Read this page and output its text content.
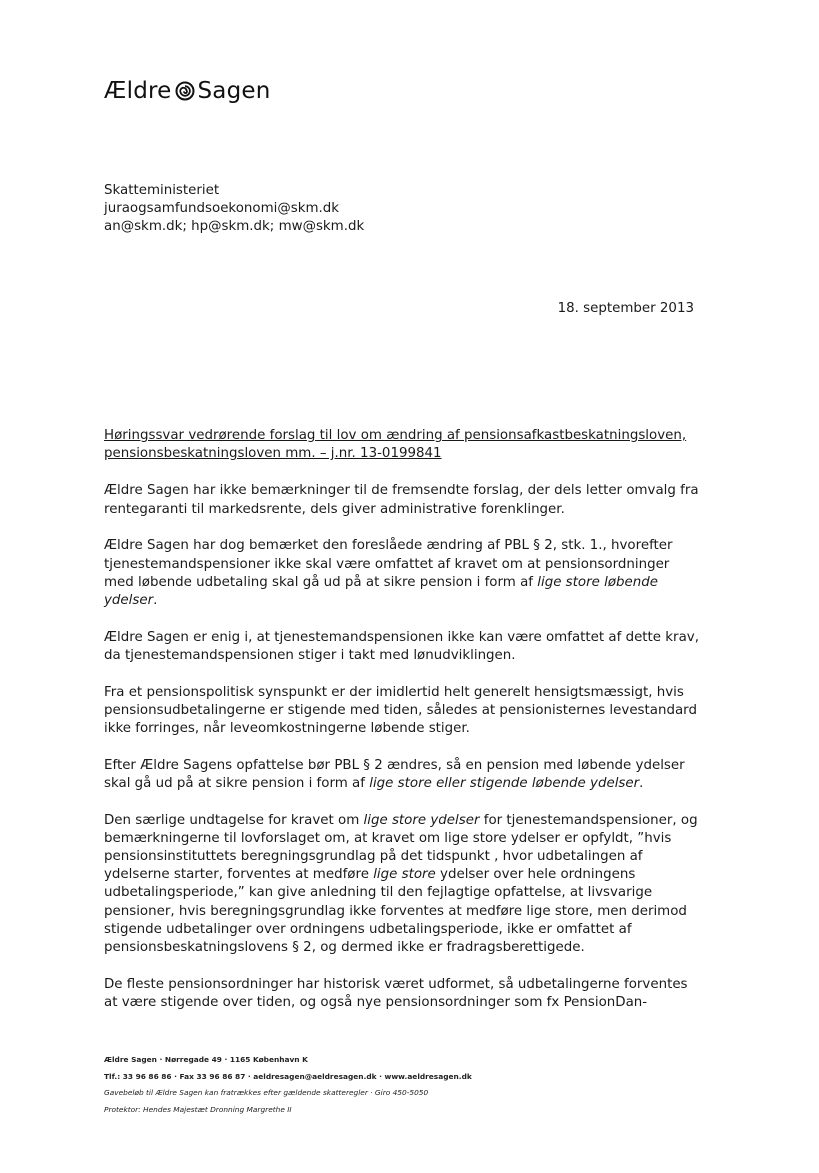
Ældre Sagen
Skatteministeriet
juraogsamfundsoekonomi@skm.dk
an@skm.dk; hp@skm.dk; mw@skm.dk
18. september 2013
Høringssvar vedrørende forslag til lov om ændring af pensionsafkastbeskatningsloven,
pensionsbeskatningsloven mm. – j.nr. 13-0199841

Ældre Sagen har ikke bemærkninger til de fremsendte forslag, der dels letter omvalg fra rentegaranti til markedsrente, dels giver administrative forenklinger.

Ældre Sagen har dog bemærket den foreslåede ændring af PBL § 2, stk. 1., hvorefter tjenestemandspensioner ikke skal være omfattet af kravet om at pensionsordninger med løbende udbetaling skal gå ud på at sikre pension i form af lige store løbende ydelser.

Ældre Sagen er enig i, at tjenestemandspensionen ikke kan være omfattet af dette krav, da tjenestemandspensionen stiger i takt med lønudviklingen.

Fra et pensionspolitisk synspunkt er der imidlertid helt generelt hensigtsmæssigt, hvis pensionsudbetalingerne er stigende med tiden, således at pensionisternes levestandard ikke forringes, når leveomkostningerne løbende stiger.

Efter Ældre Sagens opfattelse bør PBL § 2 ændres, så en pension med løbende ydelser skal gå ud på at sikre pension i form af lige store eller stigende løbende ydelser.

Den særlige undtagelse for kravet om lige store ydelser for tjenestemandspensioner, og bemærkningerne til lovforslaget om, at kravet om lige store ydelser er opfyldt, ”hvis pensionsinstituttets beregningsgrundlag på det tidspunkt , hvor udbetalingen af ydelserne starter, forventes at medføre lige store ydelser over hele ordningens udbetalingsperiode,” kan give anledning til den fejlagtige opfattelse, at livsvarige pensioner, hvis beregningsgrundlag ikke forventes at medføre lige store, men derimod stigende udbetalinger over ordningens udbetalingsperiode, ikke er omfattet af pensionsbeskatningslovens § 2, og dermed ikke er fradragsberettigede.

De fleste pensionsordninger har historisk været udformet, så udbetalingerne forventes at være stigende over tiden, og også nye pensionsordninger som fx PensionDan-

Ældre Sagen · Nørregade 49 · 1165 København K
Tlf.: 33 96 86 86 · Fax 33 96 86 87 · aeldresagen@aeldresagen.dk · www.aeldresagen.dk
Gavebeløb til Ældre Sagen kan fratrækkes efter gældende skatteregler · Giro 450-5050
Protektor: Hendes Majestæt Dronning Margrethe II
